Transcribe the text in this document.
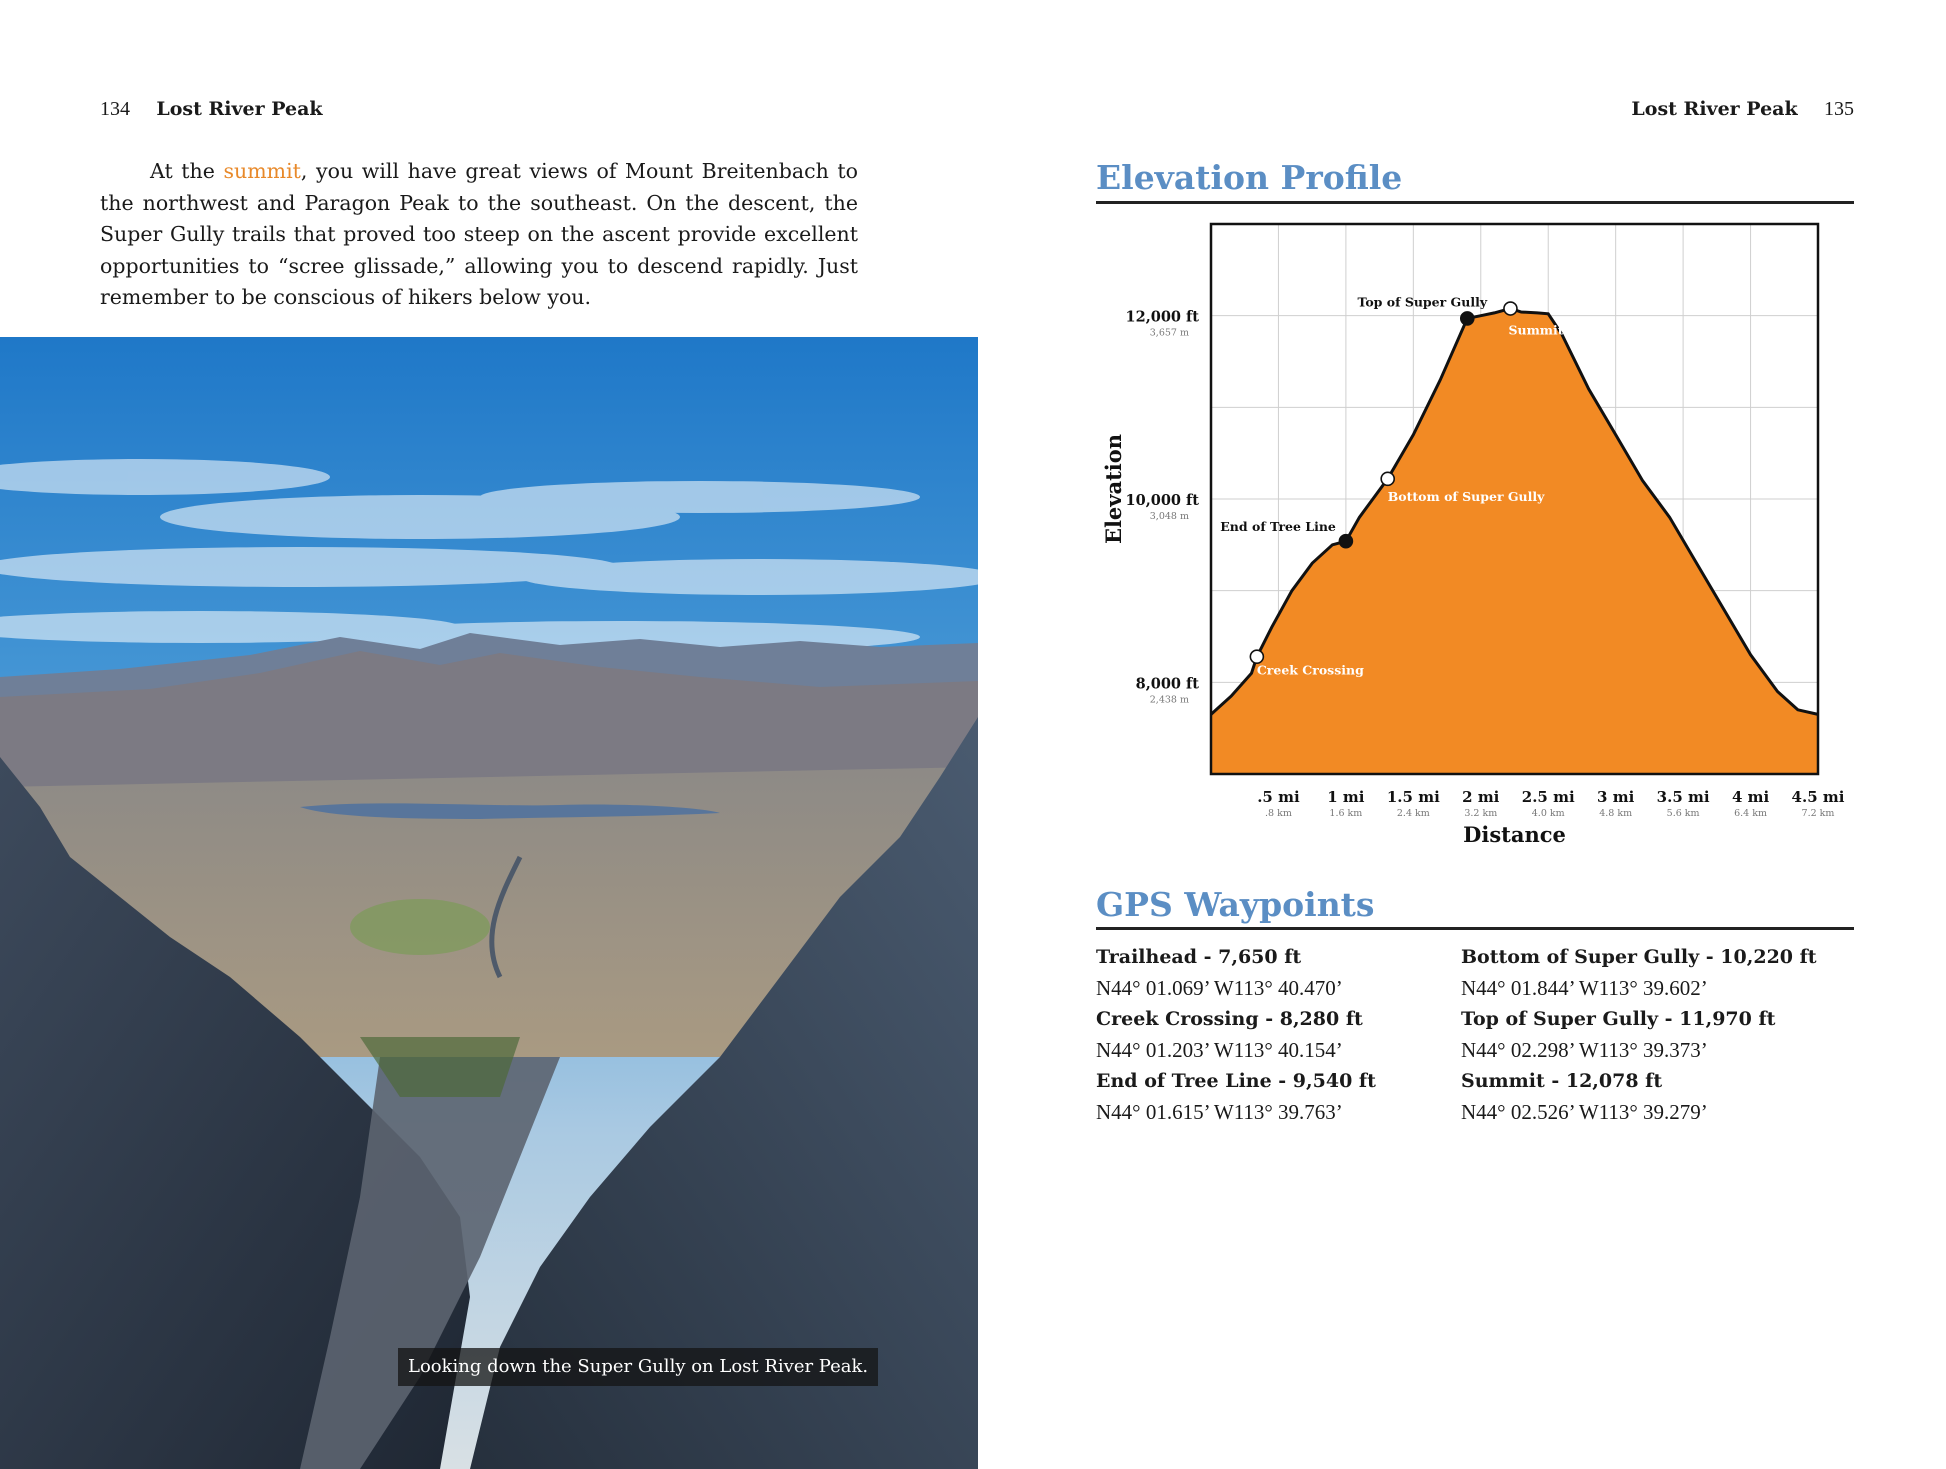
134 Lost River Peak	Lost River Peak 135

At the summit, you will have great views of Mount Breitenbach to the northwest and Paragon Peak to the southeast. On the descent, the Super Gully trails that proved too steep on the ascent provide excellent opportunities to “scree glissade,” allowing you to descend rapidly. Just remember to be conscious of hikers below you.

Looking down the Super Gully on Lost River Peak.
Elevation Profile
.5 mi
.8 km
1 mi
1.6 km
1.5 mi
2.4 km
2 mi
3.2 km
2.5 mi
4.0 km
3 mi
4.8 km
3.5 mi
5.6 km
4 mi
6.4 km
4.5 mi
7.2 km
8,000 ft
2,438 m
10,000 ft
3,048 m
12,000 ft
3,657 m
Creek Crossing
End of Tree Line
Bottom of Super Gully
Top of Super Gully
Summit
Distance
Elevation
GPS Waypoints
Trailhead - 7,650 ft
N44° 01.069’ W113° 40.470’
Creek Crossing - 8,280 ft
N44° 01.203’ W113° 40.154’
End of Tree Line - 9,540 ft
N44° 01.615’ W113° 39.763’
Bottom of Super Gully - 10,220 ft
N44° 01.844’ W113° 39.602’
Top of Super Gully - 11,970 ft
N44° 02.298’ W113° 39.373’
Summit - 12,078 ft
N44° 02.526’ W113° 39.279’
